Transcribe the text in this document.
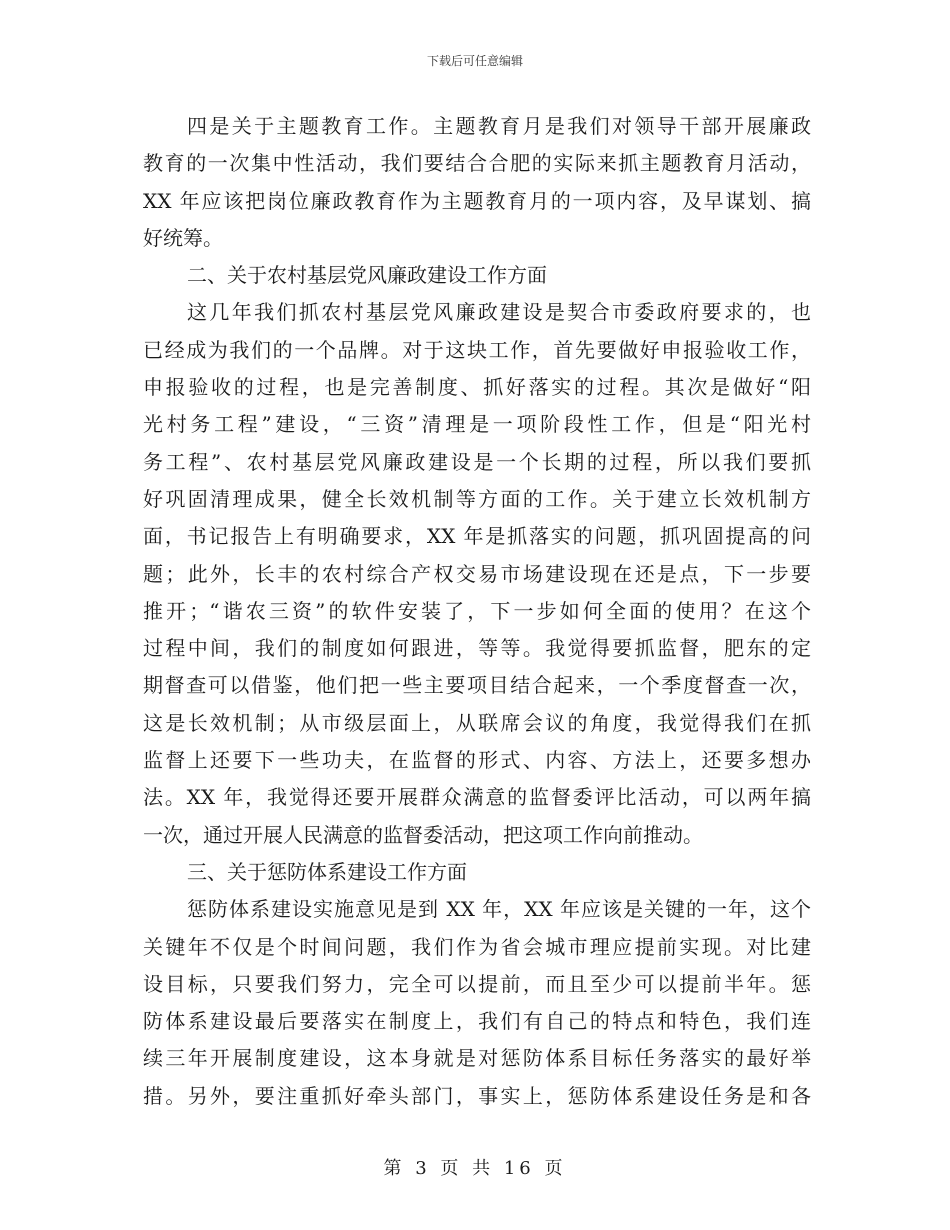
下载后可任意编辑
四是关于主题教育工作。主题教育月是我们对领导干部开展廉政
教育的一次集中性活动，我们要结合合肥的实际来抓主题教育月活动，
XX 年应该把岗位廉政教育作为主题教育月的一项内容，及早谋划、搞
好统筹。
二、关于农村基层党风廉政建设工作方面
这几年我们抓农村基层党风廉政建设是契合市委政府要求的，也
已经成为我们的一个品牌。对于这块工作，首先要做好申报验收工作，
申报验收的过程，也是完善制度、抓好落实的过程。其次是做好“阳
光村务工程”建设，“三资”清理是一项阶段性工作，但是“阳光村
务工程”、农村基层党风廉政建设是一个长期的过程，所以我们要抓
好巩固清理成果，健全长效机制等方面的工作。关于建立长效机制方
面，书记报告上有明确要求，XX 年是抓落实的问题，抓巩固提高的问
题；此外，长丰的农村综合产权交易市场建设现在还是点，下一步要
推开；“谐农三资”的软件安装了，下一步如何全面的使用？在这个
过程中间，我们的制度如何跟进，等等。我觉得要抓监督，肥东的定
期督查可以借鉴，他们把一些主要项目结合起来，一个季度督查一次，
这是长效机制；从市级层面上，从联席会议的角度，我觉得我们在抓
监督上还要下一些功夫，在监督的形式、内容、方法上，还要多想办
法。XX 年，我觉得还要开展群众满意的监督委评比活动，可以两年搞
一次，通过开展人民满意的监督委活动，把这项工作向前推动。
三、关于惩防体系建设工作方面
惩防体系建设实施意见是到 XX 年，XX 年应该是关键的一年，这个
关键年不仅是个时间问题，我们作为省会城市理应提前实现。对比建
设目标，只要我们努力，完全可以提前，而且至少可以提前半年。惩
防体系建设最后要落实在制度上，我们有自己的特点和特色，我们连
续三年开展制度建设，这本身就是对惩防体系目标任务落实的最好举
措。另外，要注重抓好牵头部门，事实上，惩防体系建设任务是和各
第 3 页 共 16 页
